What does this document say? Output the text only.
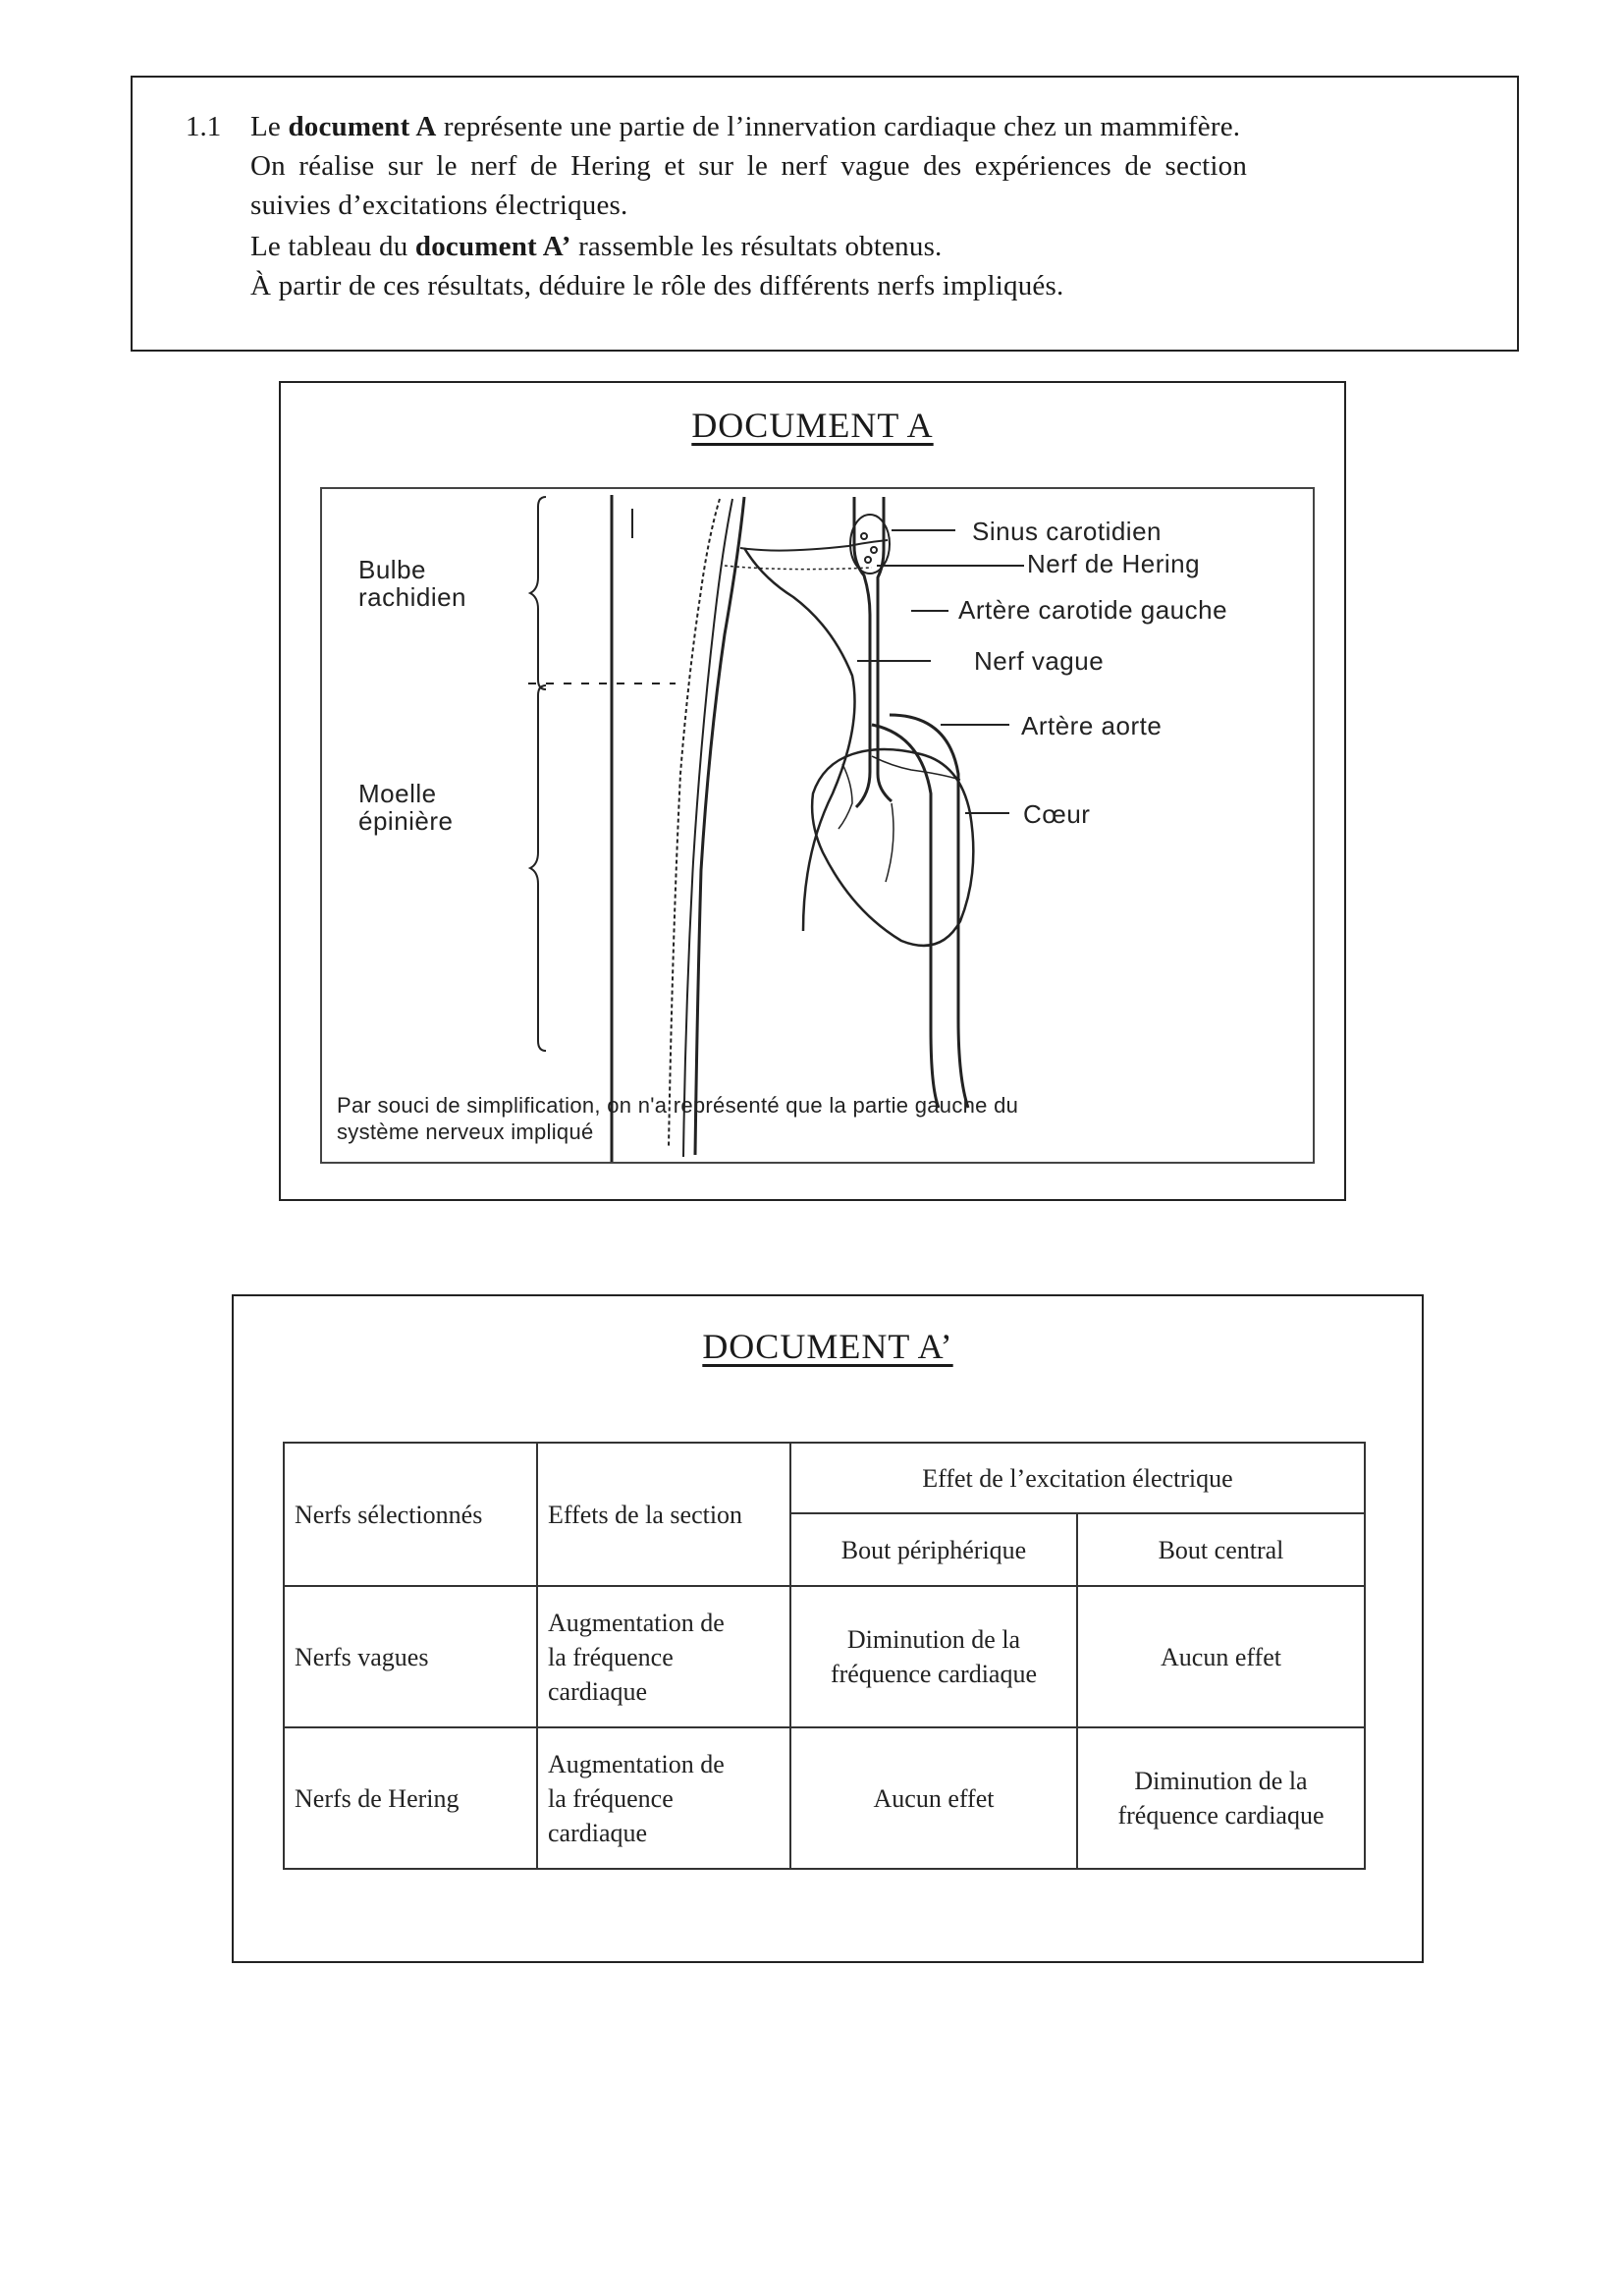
1.1 Le document A représente une partie de l’innervation cardiaque chez un mammifère.
On réalise sur le nerf de Hering et sur le nerf vague des expériences de section
suivies d’excitations électriques.
Le tableau du document A’ rassemble les résultats obtenus.
À partir de ces résultats, déduire le rôle des différents nerfs impliqués.
DOCUMENT A
Bulbe
rachidien
Moelle
épinière
Sinus carotidien
Nerf de Hering
Artère carotide gauche
Nerf vague
Artère aorte
Cœur
Par souci de simplification, on n'a représenté que la partie gauche du
système nerveux impliqué
DOCUMENT A’
Nerfs sélectionnés	Effets de la section	Effet de l’excitation électrique	
		Bout périphérique	Bout central
Nerfs vagues	Augmentation de
la fréquence
cardiaque	Diminution de la
fréquence cardiaque	Aucun effet
Nerfs de Hering	Augmentation de
la fréquence
cardiaque	Aucun effet	Diminution de la
fréquence cardiaque
